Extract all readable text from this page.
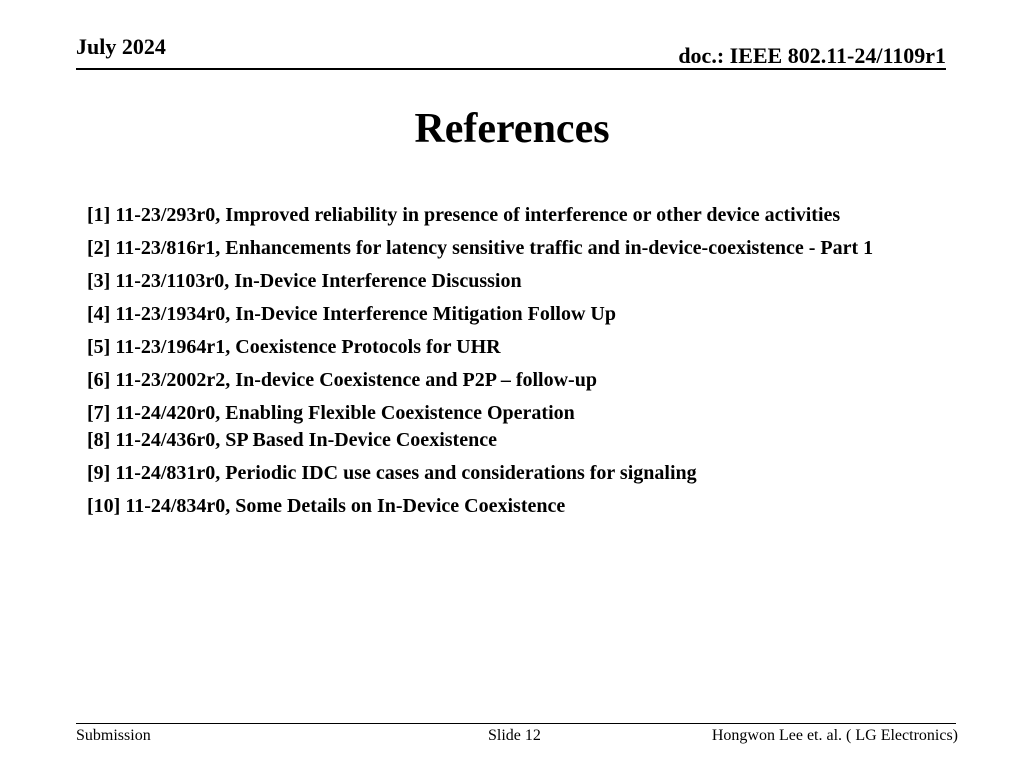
July 2024	doc.: IEEE 802.11-24/1109r1
References
[1] 11-23/293r0, Improved reliability in presence of interference or other device activities
[2] 11-23/816r1, Enhancements for latency sensitive traffic and in-device-coexistence - Part 1
[3] 11-23/1103r0, In-Device Interference Discussion
[4] 11-23/1934r0, In-Device Interference Mitigation Follow Up
[5] 11-23/1964r1, Coexistence Protocols for UHR
[6] 11-23/2002r2, In-device Coexistence and P2P – follow-up
[7] 11-24/420r0, Enabling Flexible Coexistence Operation
[8] 11-24/436r0, SP Based In-Device Coexistence
[9] 11-24/831r0, Periodic IDC use cases and considerations for signaling
[10] 11-24/834r0, Some Details on In-Device Coexistence
Submission	Slide 12	Hongwon Lee et. al. ( LG Electronics)
